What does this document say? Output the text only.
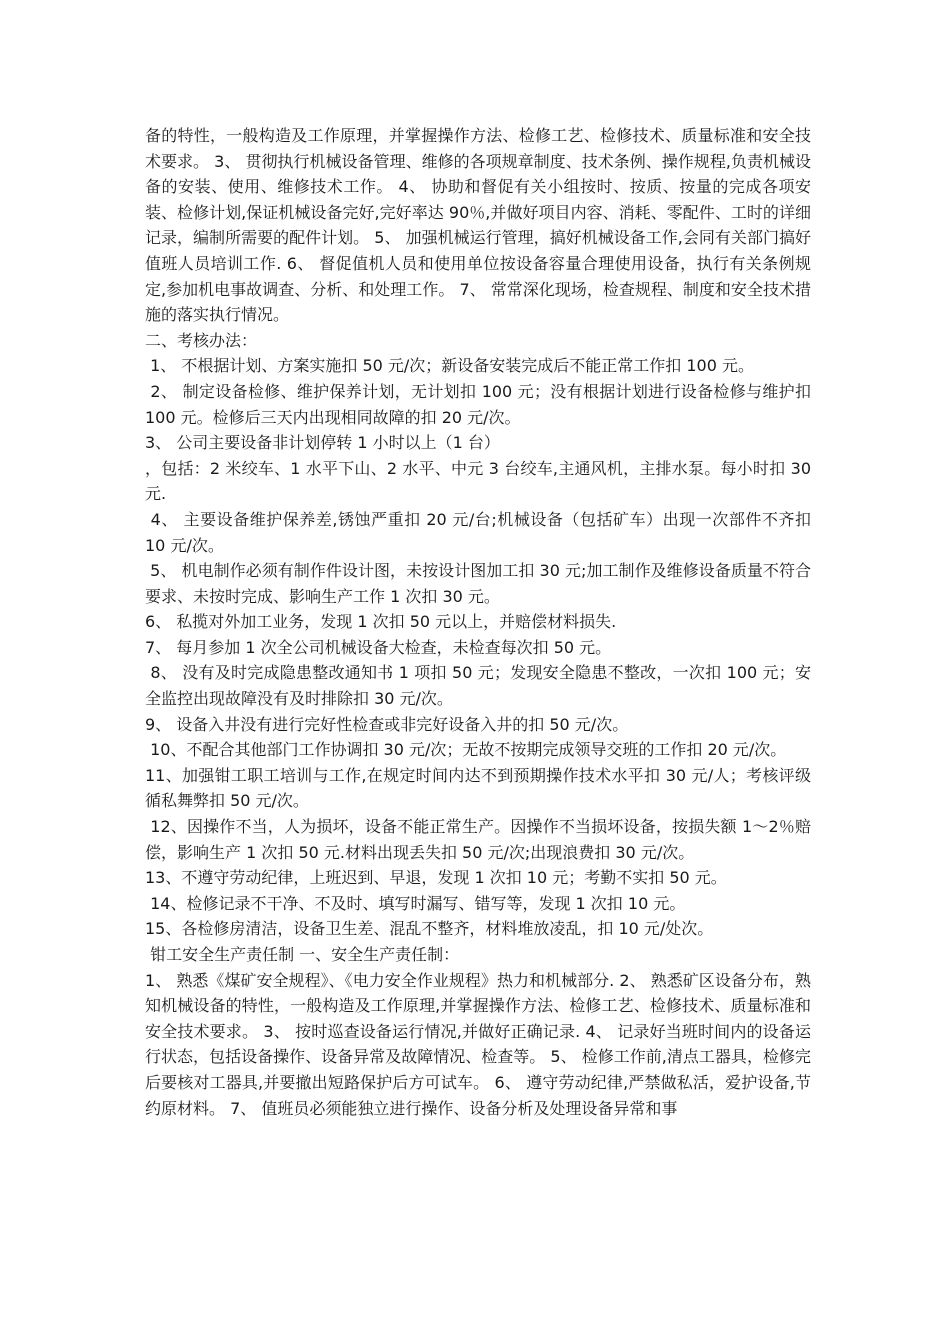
备的特性，一般构造及工作原理，并掌握操作方法、检修工艺、检修技术、质量标准和安全技术要求。 3、 贯彻执行机械设备管理、维修的各项规章制度、技术条例、操作规程,负责机械设备的安装、使用、维修技术工作。 4、 协助和督促有关小组按时、按质、按量的完成各项安装、检修计划,保证机械设备完好,完好率达 90％,并做好项目内容、消耗、零配件、工时的详细记录，编制所需要的配件计划。 5、 加强机械运行管理，搞好机械设备工作,会同有关部门搞好值班人员培训工作. 6、 督促值机人员和使用单位按设备容量合理使用设备，执行有关条例规定,参加机电事故调查、分析、和处理工作。 7、 常常深化现场，检查规程、制度和安全技术措施的落实执行情况。

二、考核办法：

1、 不根据计划、方案实施扣 50 元/次；新设备安装完成后不能正常工作扣 100 元。

2、 制定设备检修、维护保养计划，无计划扣 100 元；没有根据计划进行设备检修与维护扣 100 元。检修后三天内出现相同故障的扣 20 元/次。

3、 公司主要设备非计划停转 1 小时以上（1 台）

，包括：2 米绞车、1 水平下山、2 水平、中元 3 台绞车,主通风机，主排水泵。每小时扣 30 元.

4、 主要设备维护保养差,锈蚀严重扣 20 元/台;机械设备（包括矿车）出现一次部件不齐扣 10 元/次。

5、 机电制作必须有制作件设计图，未按设计图加工扣 30 元;加工制作及维修设备质量不符合要求、未按时完成、影响生产工作 1 次扣 30 元。

6、 私揽对外加工业务，发现 1 次扣 50 元以上，并赔偿材料损失.

7、 每月参加 1 次全公司机械设备大检查，未检查每次扣 50 元。

8、 没有及时完成隐患整改通知书 1 项扣 50 元；发现安全隐患不整改，一次扣 100 元；安全监控出现故障没有及时排除扣 30 元/次。

9、 设备入井没有进行完好性检查或非完好设备入井的扣 50 元/次。

10、不配合其他部门工作协调扣 30 元/次；无故不按期完成领导交班的工作扣 20 元/次。

11、加强钳工职工培训与工作,在规定时间内达不到预期操作技术水平扣 30 元/人；考核评级循私舞弊扣 50 元/次。

12、因操作不当，人为损坏，设备不能正常生产。因操作不当损坏设备，按损失额 1～2％赔偿，影响生产 1 次扣 50 元.材料出现丢失扣 50 元/次;出现浪费扣 30 元/次。

13、不遵守劳动纪律，上班迟到、早退，发现 1 次扣 10 元；考勤不实扣 50 元。

14、检修记录不干净、不及时、填写时漏写、错写等，发现 1 次扣 10 元。

15、各检修房清洁，设备卫生差、混乱不整齐，材料堆放凌乱，扣 10 元/处次。

钳工安全生产责任制 一、安全生产责任制：

1、 熟悉《煤矿安全规程》、《电力安全作业规程》热力和机械部分. 2、 熟悉矿区设备分布，熟知机械设备的特性，一般构造及工作原理,并掌握操作方法、检修工艺、检修技术、质量标准和安全技术要求。 3、 按时巡查设备运行情况,并做好正确记录. 4、 记录好当班时间内的设备运行状态，包括设备操作、设备异常及故障情况、检查等。 5、 检修工作前,清点工器具，检修完后要核对工器具,并要撤出短路保护后方可试车。 6、 遵守劳动纪律,严禁做私活，爱护设备,节约原材料。 7、 值班员必须能独立进行操作、设备分析及处理设备异常和事
